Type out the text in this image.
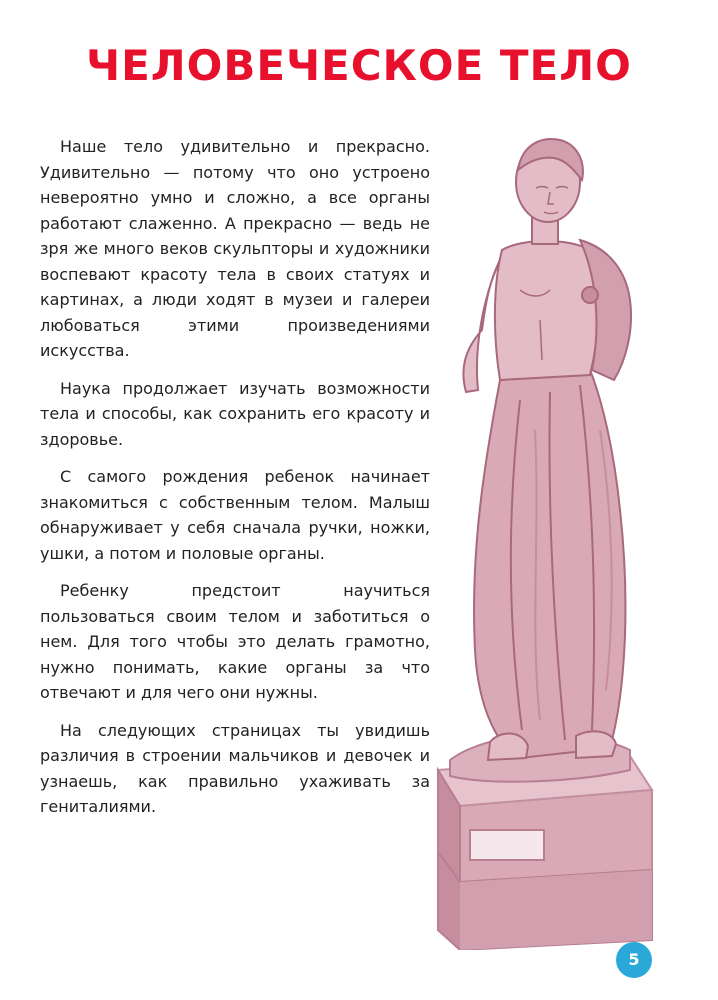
ЧЕЛОВЕЧЕСКОЕ ТЕЛО

Наше тело удивительно и прекрасно. Удивительно — потому что оно устроено невероятно умно и сложно, а все органы работают слаженно. А прекрасно — ведь не зря же много веков скульпторы и художники воспевают красоту тела в своих статуях и картинах, а люди ходят в музеи и галереи любоваться этими произведениями искусства.

Наука продолжает изучать возможности тела и способы, как сохранить его красоту и здоровье.

С самого рождения ребенок начинает знакомиться с собственным телом. Малыш обнаруживает у себя сначала ручки, ножки, ушки, а потом и половые органы.

Ребенку предстоит научиться пользоваться своим телом и заботиться о нем. Для того чтобы это делать грамотно, нужно понимать, какие органы за что отвечают и для чего они нужны.

На следующих страницах ты увидишь различия в строении мальчиков и девочек и узнаешь, как правильно ухаживать за гениталиями.

5
